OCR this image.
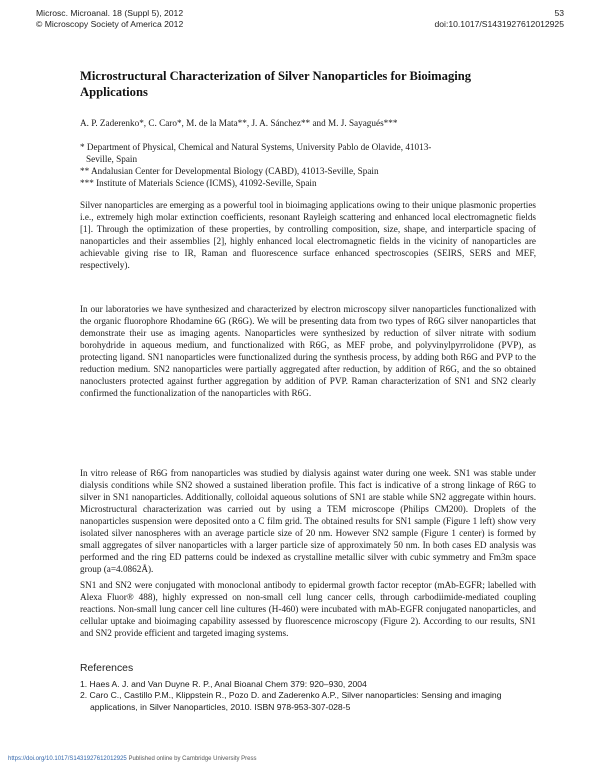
Microsc. Microanal. 18 (Suppl 5), 2012
© Microscopy Society of America 2012
53
doi:10.1017/S1431927612012925
Microstructural Characterization of Silver Nanoparticles for Bioimaging
Applications
A. P. Zaderenko*, C. Caro*, M. de la Mata**, J. A. Sánchez** and M. J. Sayagués***
* Department of Physical, Chemical and Natural Systems, University Pablo de Olavide, 41013-
Seville, Spain
** Andalusian Center for Developmental Biology (CABD), 41013-Seville, Spain
*** Institute of Materials Science (ICMS), 41092-Seville, Spain

Silver nanoparticles are emerging as a powerful tool in bioimaging applications owing to their unique plasmonic properties i.e., extremely high molar extinction coefficients, resonant Rayleigh scattering and enhanced local electromagnetic fields [1]. Through the optimization of these properties, by controlling composition, size, shape, and interparticle spacing of nanoparticles and their assemblies [2], highly enhanced local electromagnetic fields in the vicinity of nanoparticles are achievable giving rise to IR, Raman and fluorescence surface enhanced spectroscopies (SEIRS, SERS and MEF, respectively).

In our laboratories we have synthesized and characterized by electron microscopy silver nanoparticles functionalized with the organic fluorophore Rhodamine 6G (R6G). We will be presenting data from two types of R6G silver nanoparticles that demonstrate their use as imaging agents. Nanoparticles were synthesized by reduction of silver nitrate with sodium borohydride in aqueous medium, and functionalized with R6G, as MEF probe, and polyvinylpyrrolidone (PVP), as protecting ligand. SN1 nanoparticles were functionalized during the synthesis process, by adding both R6G and PVP to the reduction medium. SN2 nanoparticles were partially aggregated after reduction, by addition of R6G, and the so obtained nanoclusters protected against further aggregation by addition of PVP. Raman characterization of SN1 and SN2 clearly confirmed the functionalization of the nanoparticles with R6G.

In vitro release of R6G from nanoparticles was studied by dialysis against water during one week. SN1 was stable under dialysis conditions while SN2 showed a sustained liberation profile. This fact is indicative of a strong linkage of R6G to silver in SN1 nanoparticles. Additionally, colloidal aqueous solutions of SN1 are stable while SN2 aggregate within hours. Microstructural characterization was carried out by using a TEM microscope (Philips CM200). Droplets of the nanoparticles suspension were deposited onto a C film grid. The obtained results for SN1 sample (Figure 1 left) show very isolated silver nanospheres with an average particle size of 20 nm. However SN2 sample (Figure 1 center) is formed by small aggregates of silver nanoparticles with a larger particle size of approximately 50 nm. In both cases ED analysis was performed and the ring ED patterns could be indexed as crystalline metallic silver with cubic symmetry and Fm3m space group (a=4.0862Å).

SN1 and SN2 were conjugated with monoclonal antibody to epidermal growth factor receptor (mAb-EGFR; labelled with Alexa Fluor® 488), highly expressed on non-small cell lung cancer cells, through carbodiimide-mediated coupling reactions. Non-small lung cancer cell line cultures (H-460) were incubated with mAb-EGFR conjugated nanoparticles, and cellular uptake and bioimaging capability assessed by fluorescence microscopy (Figure 2). According to our results, SN1 and SN2 provide efficient and targeted imaging systems.

References
1. Haes A. J. and Van Duyne R. P., Anal Bioanal Chem 379: 920–930, 2004
2. Caro C., Castillo P.M., Klippstein R., Pozo D. and Zaderenko A.P., Silver nanoparticles: Sensing and imaging applications, in Silver Nanoparticles, 2010. ISBN 978-953-307-028-5
https://doi.org/10.1017/S1431927612012925 Published online by Cambridge University Press
